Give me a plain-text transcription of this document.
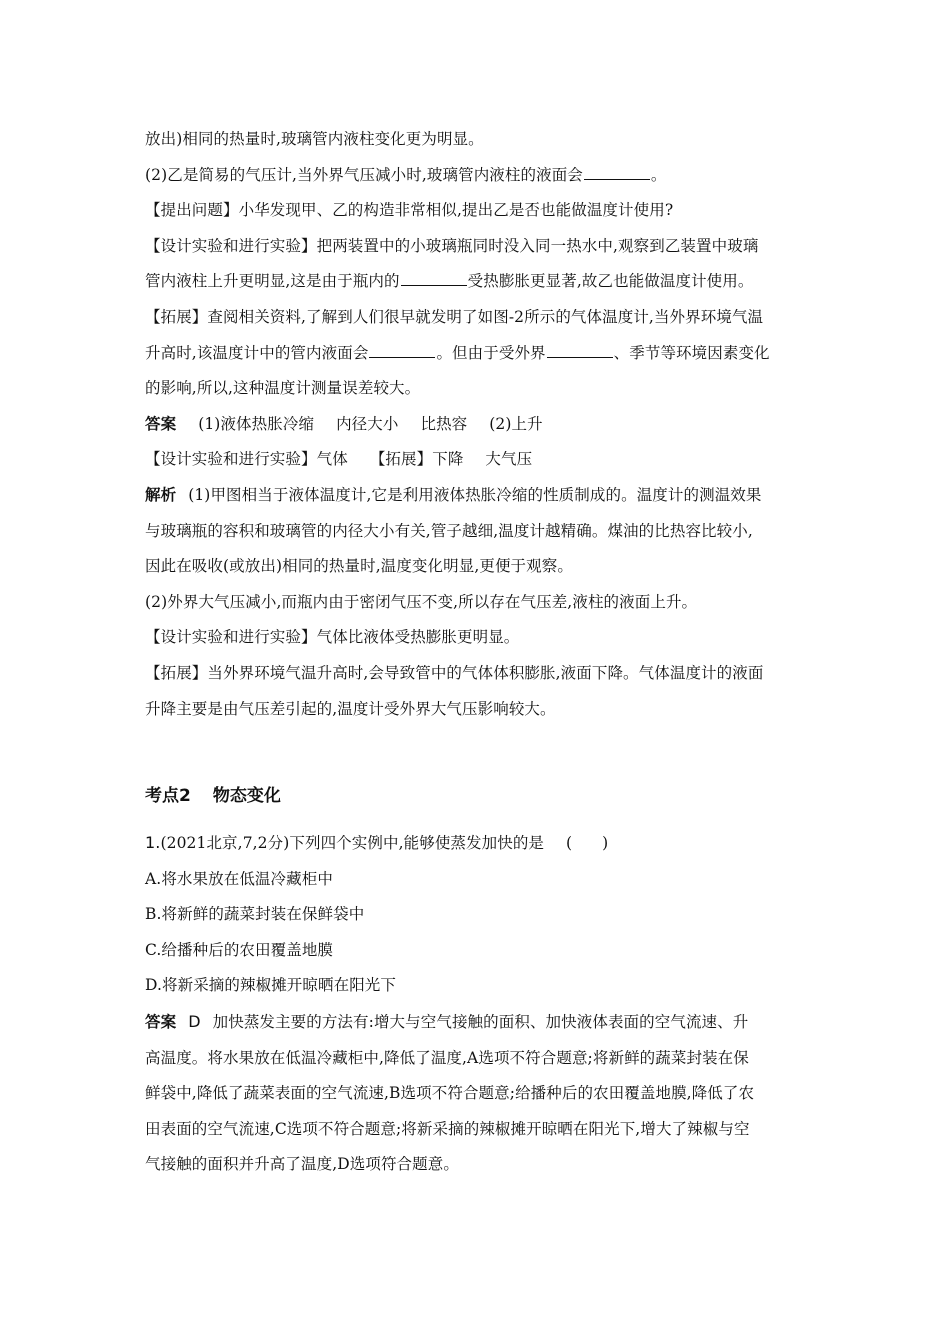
放出)相同的热量时,玻璃管内液柱变化更为明显。
(2)乙是简易的气压计,当外界气压减小时,玻璃管内液柱的液面会	。
【提出问题】小华发现甲、乙的构造非常相似,提出乙是否也能做温度计使用?
【设计实验和进行实验】把两装置中的小玻璃瓶同时没入同一热水中,观察到乙装置中玻璃
管内液柱上升更明显,这是由于瓶内的	受热膨胀更显著,故乙也能做温度计使用。
【拓展】查阅相关资料,了解到人们很早就发明了如图-2所示的气体温度计,当外界环境气温
升高时,该温度计中的管内液面会	。但由于受外界	、季节等环境因素变化
的影响,所以,这种温度计测量误差较大。
答案 (1)液体热胀冷缩 内径大小 比热容 (2)上升
【设计实验和进行实验】气体 【拓展】下降 大气压
解析 (1)甲图相当于液体温度计,它是利用液体热胀冷缩的性质制成的。温度计的测温效果
与玻璃瓶的容积和玻璃管的内径大小有关,管子越细,温度计越精确。煤油的比热容比较小,
因此在吸收(或放出)相同的热量时,温度变化明显,更便于观察。
(2)外界大气压减小,而瓶内由于密闭气压不变,所以存在气压差,液柱的液面上升。
【设计实验和进行实验】气体比液体受热膨胀更明显。
【拓展】当外界环境气温升高时,会导致管中的气体体积膨胀,液面下降。气体温度计的液面
升降主要是由气压差引起的,温度计受外界大气压影响较大。
考点2 物态变化
1.(2021北京,7,2分)下列四个实例中,能够使蒸发加快的是 ( )
A.将水果放在低温冷藏柜中
B.将新鲜的蔬菜封装在保鲜袋中
C.给播种后的农田覆盖地膜
D.将新采摘的辣椒摊开晾晒在阳光下
答案 D 加快蒸发主要的方法有:增大与空气接触的面积、加快液体表面的空气流速、升
高温度。将水果放在低温冷藏柜中,降低了温度,A选项不符合题意;将新鲜的蔬菜封装在保
鲜袋中,降低了蔬菜表面的空气流速,B选项不符合题意;给播种后的农田覆盖地膜,降低了农
田表面的空气流速,C选项不符合题意;将新采摘的辣椒摊开晾晒在阳光下,增大了辣椒与空
气接触的面积并升高了温度,D选项符合题意。
